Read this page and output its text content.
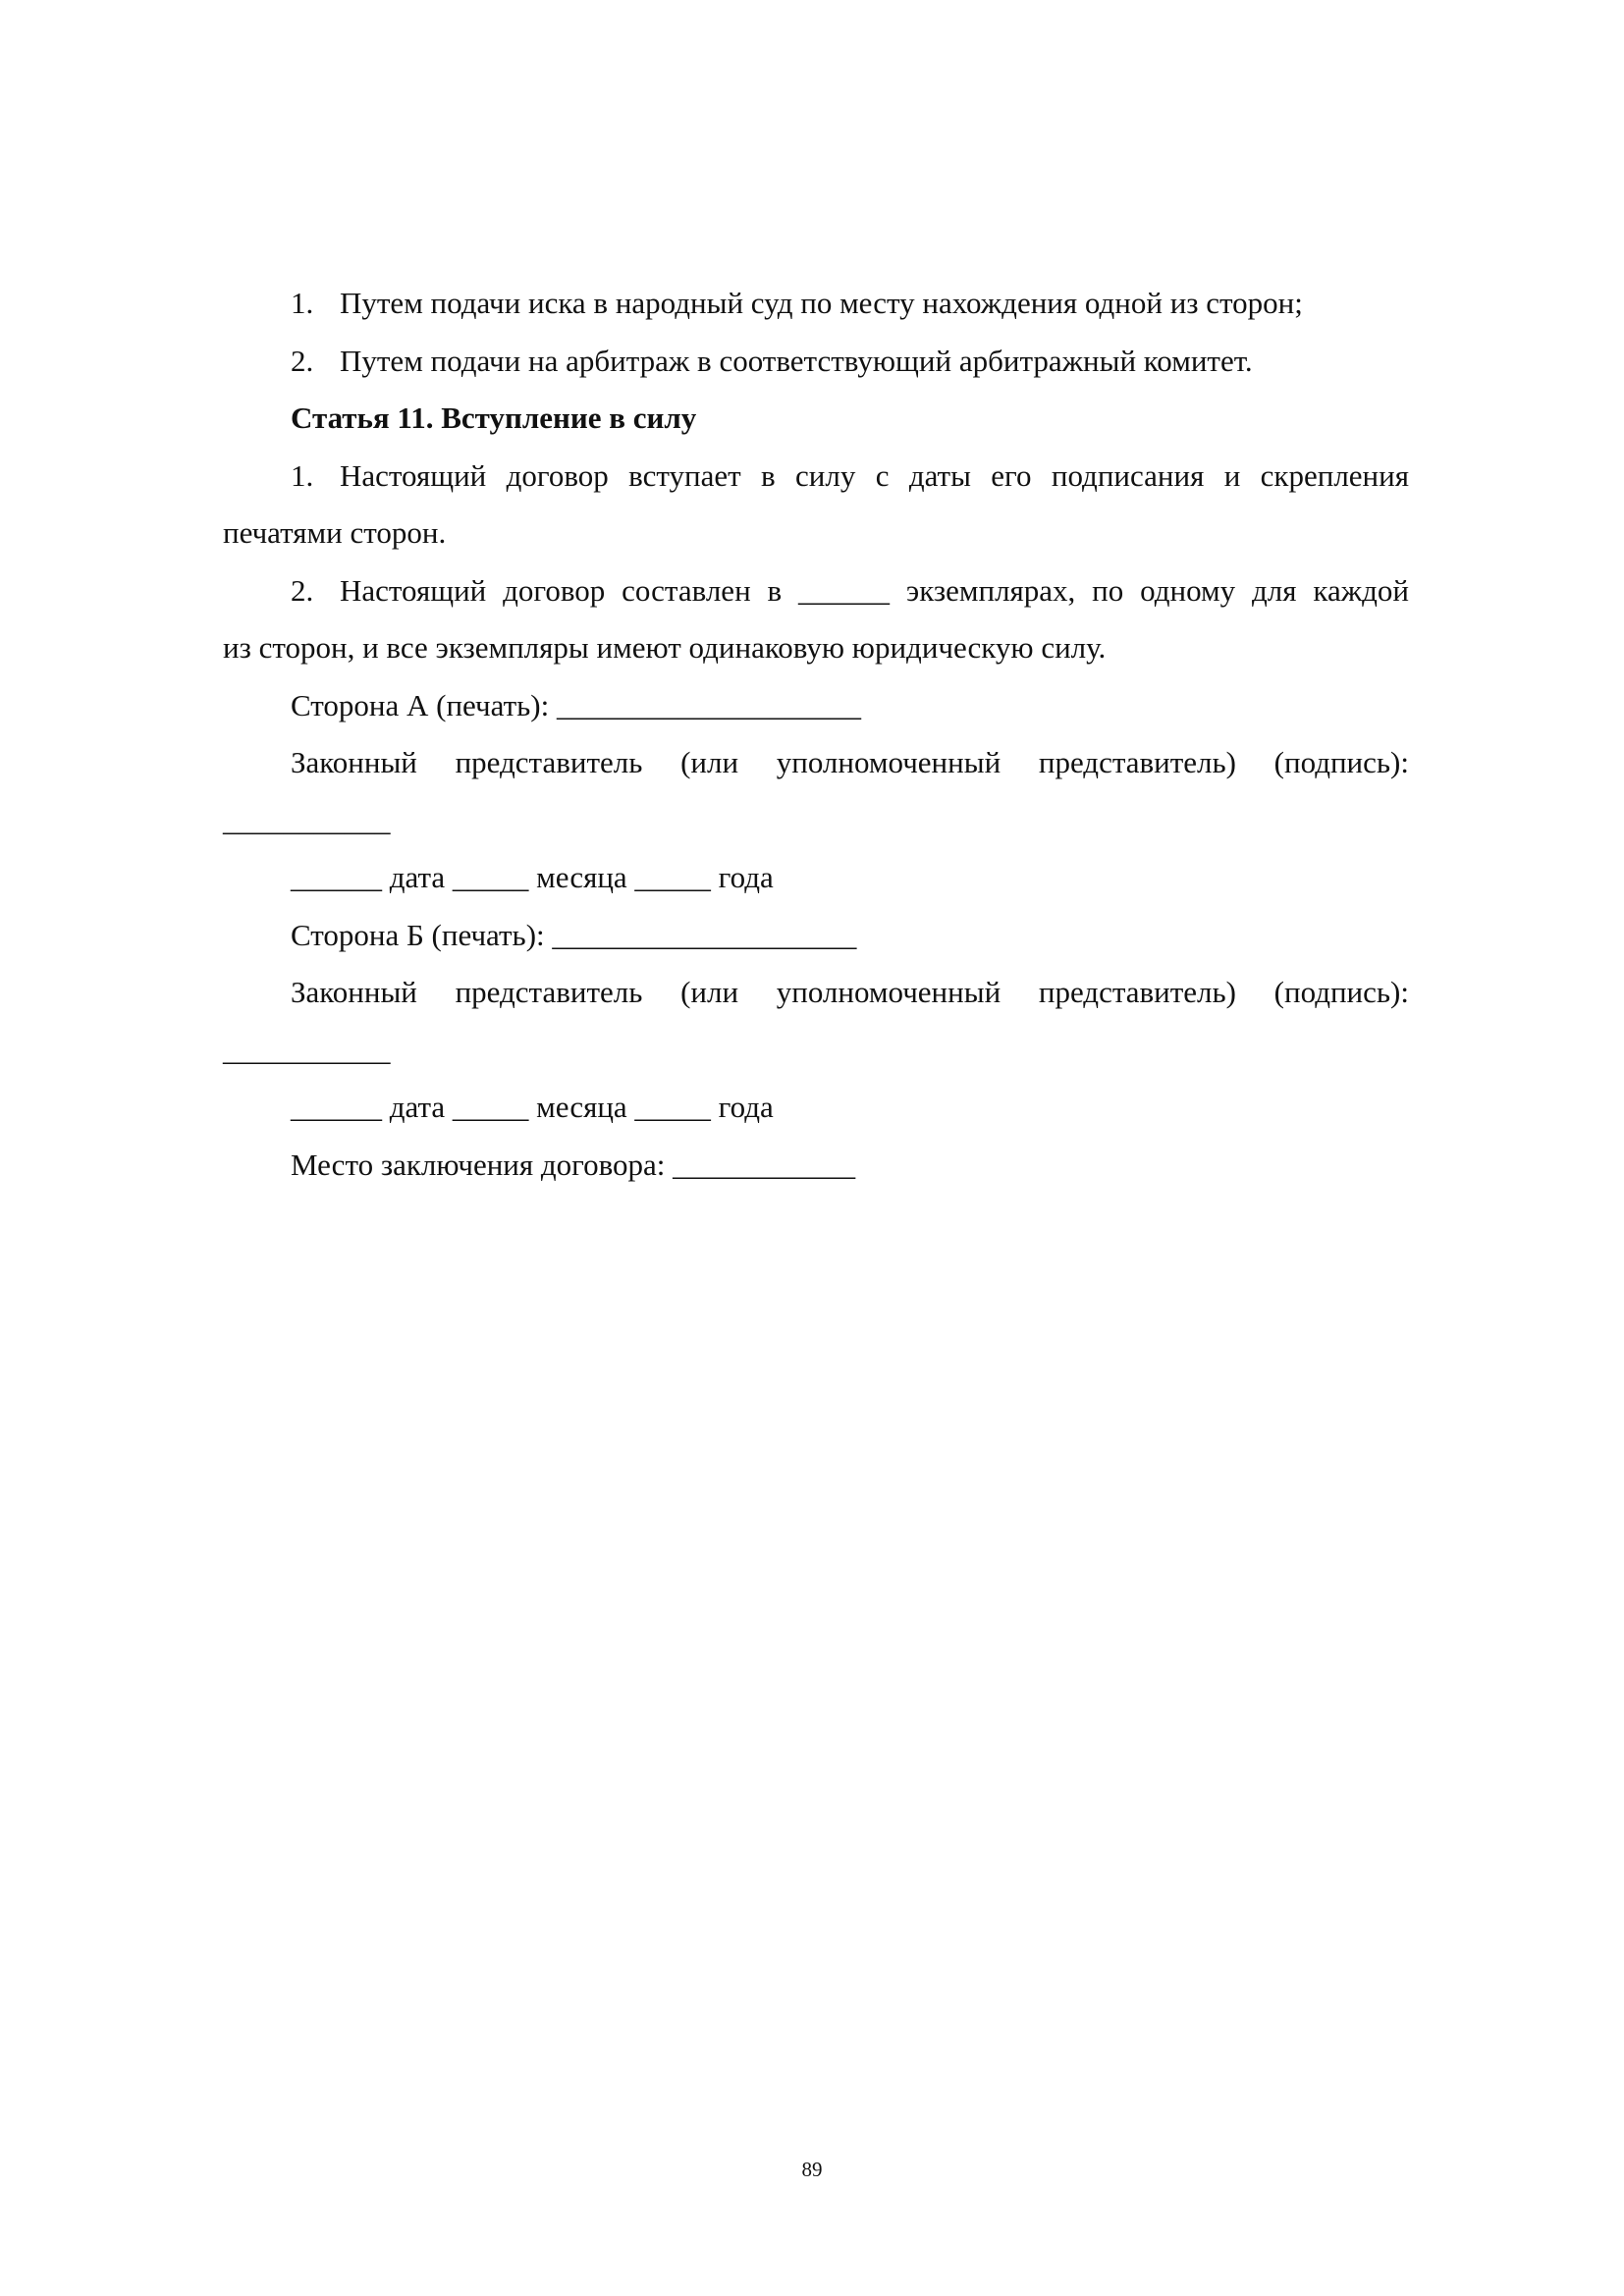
1. Путем подачи иска в народный суд по месту нахождения одной из сторон;

2. Путем подачи на арбитраж в соответствующий арбитражный комитет.

Статья 11. Вступление в силу

1. Настоящий договор вступает в силу с даты его подписания и скрепления

печатями сторон.

2. Настоящий договор составлен в ______ экземплярах, по одному для каждой

из сторон, и все экземпляры имеют одинаковую юридическую силу.

Сторона А (печать): ____________________

Законный представитель (или уполномоченный представитель) (подпись):

___________

______ дата _____ месяца _____ года

Сторона Б (печать): ____________________

Законный представитель (или уполномоченный представитель) (подпись):

___________

______ дата _____ месяца _____ года

Место заключения договора: ____________

89
